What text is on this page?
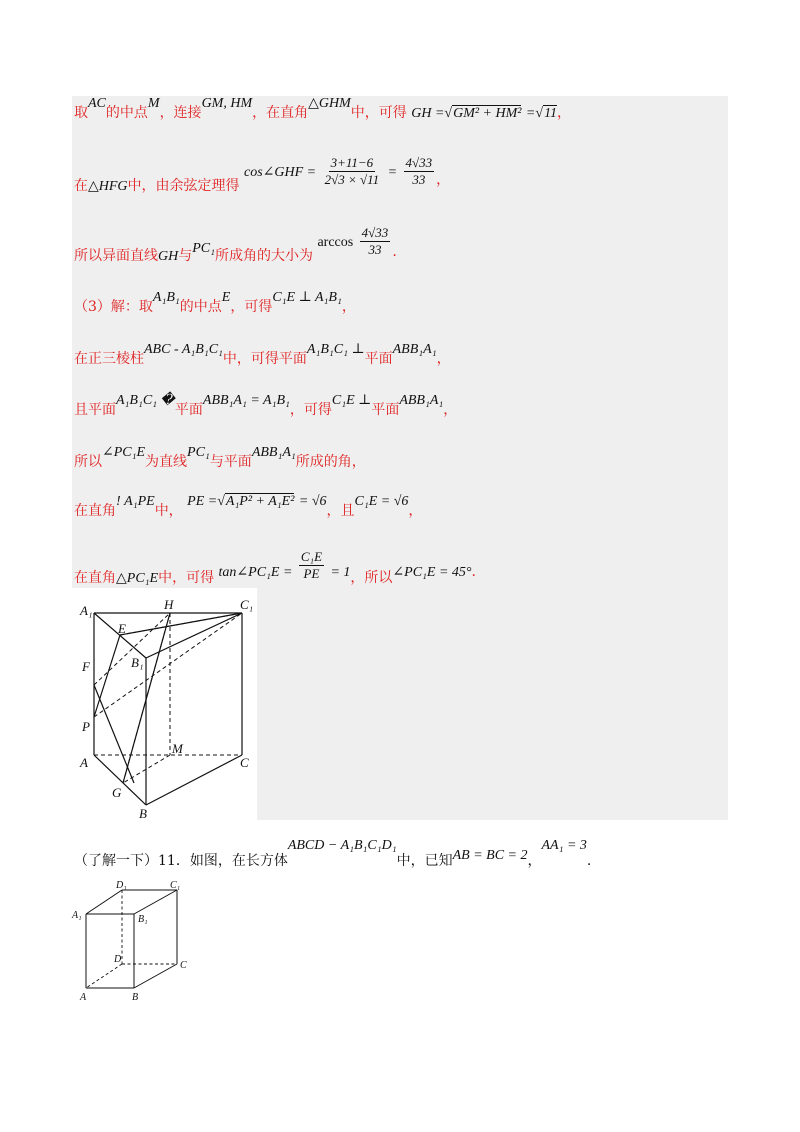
取AC的中点M，连接GM, HM，在直角△GHM中，可得 GH =√GM² + HM² =√11，
在△HFG中，由余弦定理得 cos∠GHF = $\frac{3+11-6}{2√3 \times √11} = \frac{4√33}{33}$ ，
所以异面直线GH与PC₁所成角的大小为 $\arccos \frac{4√33}{33}$ .
（3）解：取A₁B₁的中点E，可得C₁E ⊥ A₁B₁，
在正三棱柱ABC - A₁B₁C₁中，可得平面A₁B₁C₁ ⊥平面ABB₁A₁，
且平面A₁B₁C₁ �平面ABB₁A₁ = A₁B₁，可得C₁E ⊥平面ABB₁A₁，
所以∠PC₁E为直线PC₁与平面ABB₁A₁所成的角，
在直角! A₁PE中， PE =√A₁P² + A₁E² = √6，且C₁E = √6，
在直角△PC₁E中，可得 tan∠PC₁E = $\frac{\text{C₁E}}{PE} = 1$，所以∠PC₁E = 45°.
A₁	H	C₁
E
B₁
F
P
M
A	C
G
B
（了解一下）11．如图，在长方体ABCD − A₁B₁C₁D₁中，已知AB = BC = 2，AA₁ = 3.
D₁	C₁
A₁	B₁
D
C
A	B
